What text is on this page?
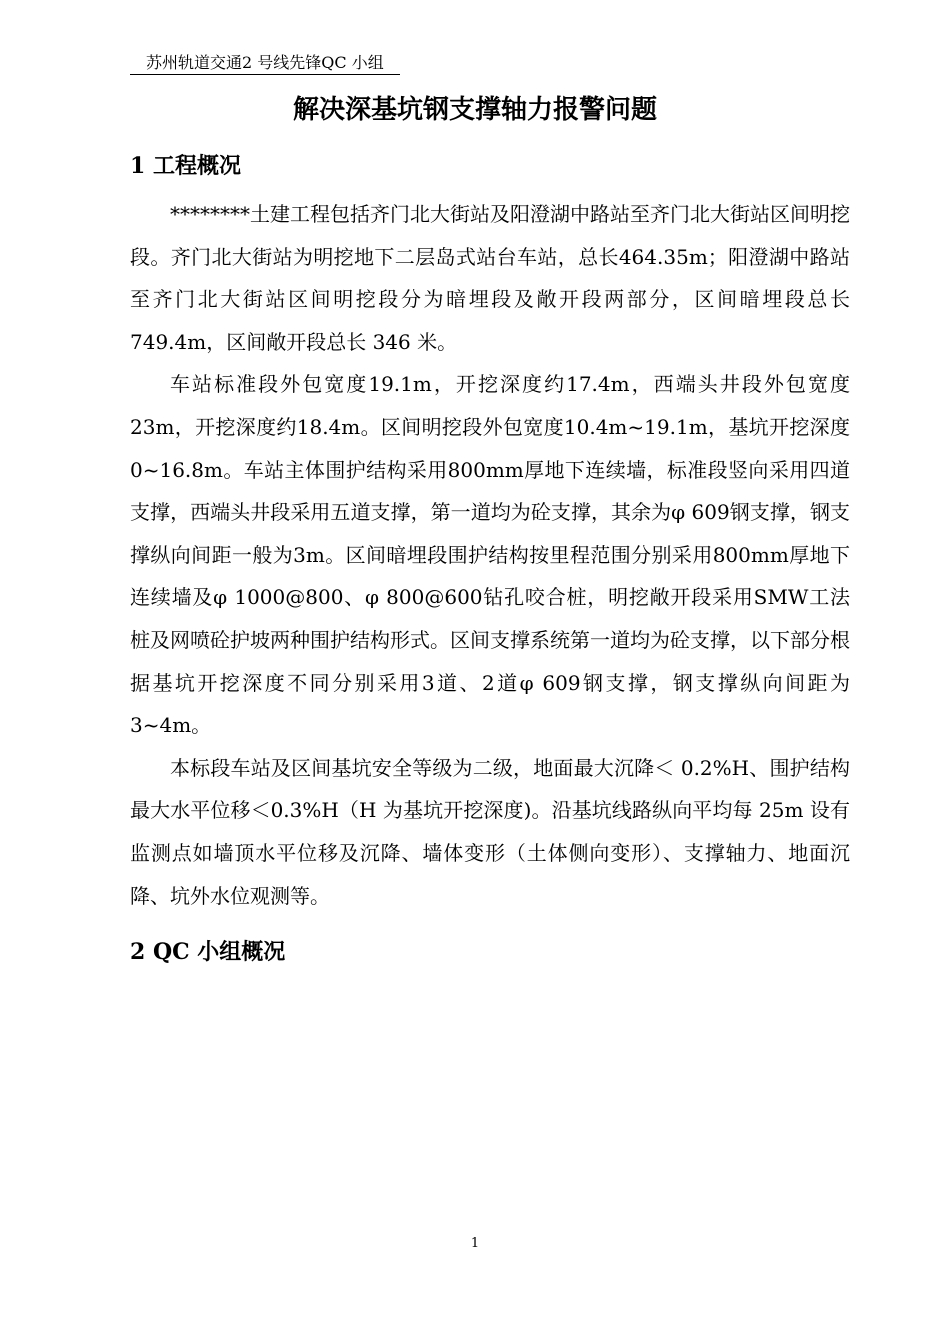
苏州轨道交通2 号线先锋QC 小组
解决深基坑钢支撑轴力报警问题
1 工程概况

********土建工程包括齐门北大街站及阳澄湖中路站至齐门北大街站区间明挖段。齐门北大街站为明挖地下二层岛式站台车站，总长464.35m；阳澄湖中路站至齐门北大街站区间明挖段分为暗埋段及敞开段两部分，区间暗埋段总长 749.4m，区间敞开段总长 346 米。

车站标准段外包宽度19.1m，开挖深度约17.4m，西端头井段外包宽度23m，开挖深度约18.4m。区间明挖段外包宽度10.4m~19.1m，基坑开挖深度0~16.8m。车站主体围护结构采用800mm厚地下连续墙，标准段竖向采用四道支撑，西端头井段采用五道支撑，第一道均为砼支撑，其余为φ 609钢支撑，钢支撑纵向间距一般为3m。区间暗埋段围护结构按里程范围分别采用800mm厚地下连续墙及φ 1000@800、φ 800@600钻孔咬合桩，明挖敞开段采用SMW工法桩及网喷砼护坡两种围护结构形式。区间支撑系统第一道均为砼支撑，以下部分根据基坑开挖深度不同分别采用3道、2道φ 609钢支撑，钢支撑纵向间距为3~4m。

本标段车站及区间基坑安全等级为二级，地面最大沉降＜ 0.2%H、围护结构最大水平位移＜0.3%H（H 为基坑开挖深度)。沿基坑线路纵向平均每 25m 设有监测点如墙顶水平位移及沉降、墙体变形（土体侧向变形）、支撑轴力、地面沉降、坑外水位观测等。

2 QC 小组概况
1
